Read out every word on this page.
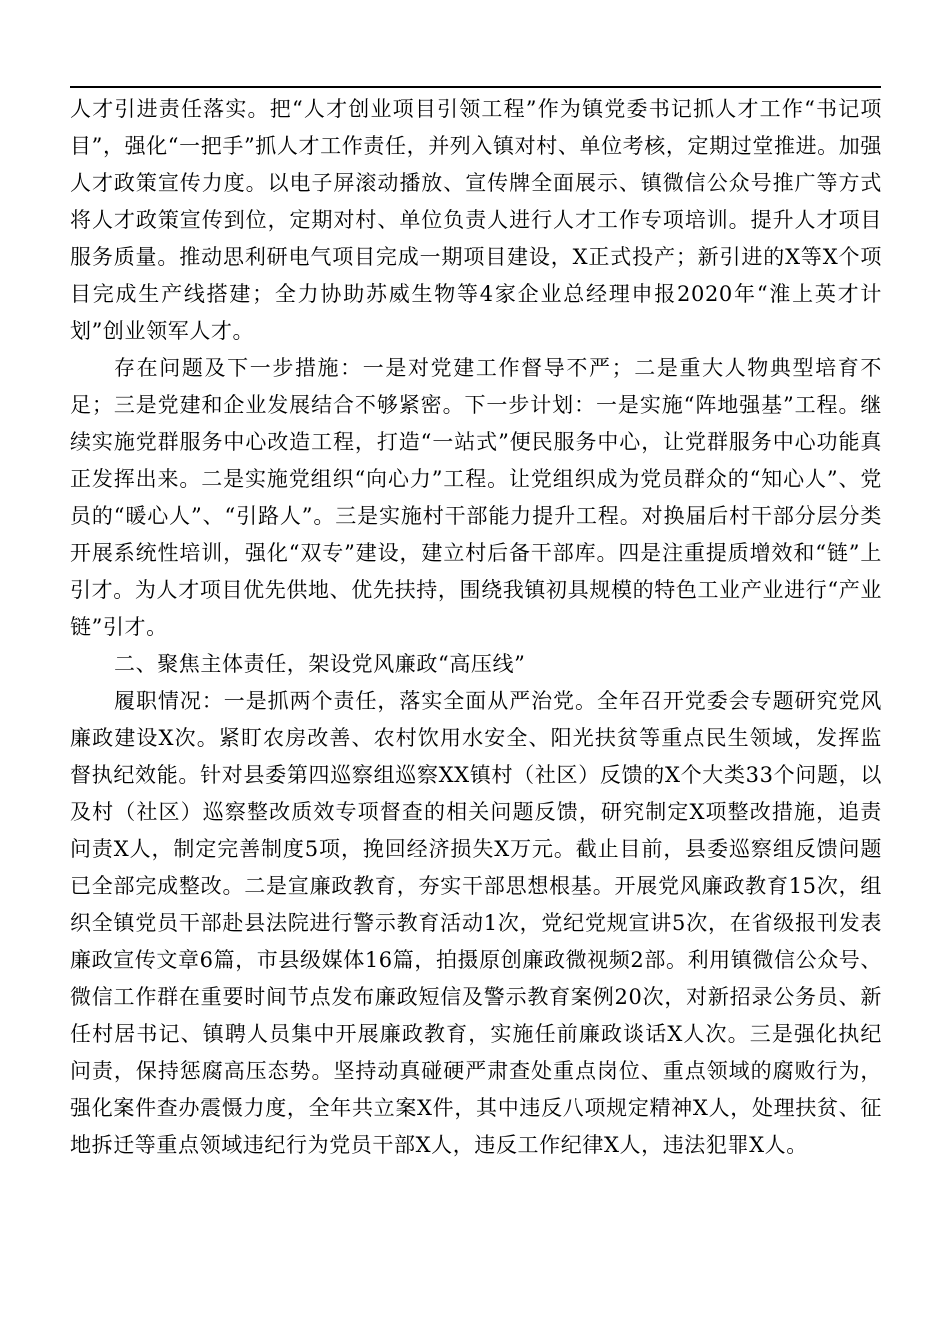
人才引进责任落实。把“人才创业项目引领工程”作为镇党委书记抓人才工作“书记项目”，强化“一把手”抓人才工作责任，并列入镇对村、单位考核，定期过堂推进。加强人才政策宣传力度。以电子屏滚动播放、宣传牌全面展示、镇微信公众号推广等方式将人才政策宣传到位，定期对村、单位负责人进行人才工作专项培训。提升人才项目服务质量。推动思利研电气项目完成一期项目建设，X正式投产；新引进的X等X个项目完成生产线搭建；全力协助苏威生物等4家企业总经理申报2020年“淮上英才计划”创业领军人才。

存在问题及下一步措施：一是对党建工作督导不严；二是重大人物典型培育不足；三是党建和企业发展结合不够紧密。下一步计划：一是实施“阵地强基”工程。继续实施党群服务中心改造工程，打造“一站式”便民服务中心，让党群服务中心功能真正发挥出来。二是实施党组织“向心力”工程。让党组织成为党员群众的“知心人”、党员的“暖心人”、“引路人”。三是实施村干部能力提升工程。对换届后村干部分层分类开展系统性培训，强化“双专”建设，建立村后备干部库。四是注重提质增效和“链”上引才。为人才项目优先供地、优先扶持，围绕我镇初具规模的特色工业产业进行“产业链”引才。

二、聚焦主体责任，架设党风廉政“高压线”

履职情况：一是抓两个责任，落实全面从严治党。全年召开党委会专题研究党风廉政建设X次。紧盯农房改善、农村饮用水安全、阳光扶贫等重点民生领域，发挥监督执纪效能。针对县委第四巡察组巡察XX镇村（社区）反馈的X个大类33个问题，以及村（社区）巡察整改质效专项督查的相关问题反馈，研究制定X项整改措施，追责问责X人，制定完善制度5项，挽回经济损失X万元。截止目前，县委巡察组反馈问题已全部完成整改。二是宣廉政教育，夯实干部思想根基。开展党风廉政教育15次，组织全镇党员干部赴县法院进行警示教育活动1次，党纪党规宣讲5次，在省级报刊发表廉政宣传文章6篇，市县级媒体16篇，拍摄原创廉政微视频2部。利用镇微信公众号、微信工作群在重要时间节点发布廉政短信及警示教育案例20次，对新招录公务员、新任村居书记、镇聘人员集中开展廉政教育，实施任前廉政谈话X人次。三是强化执纪问责，保持惩腐高压态势。坚持动真碰硬严肃查处重点岗位、重点领域的腐败行为，强化案件查办震慑力度，全年共立案X件，其中违反八项规定精神X人，处理扶贫、征地拆迁等重点领域违纪行为党员干部X人，违反工作纪律X人，违法犯罪X人。
